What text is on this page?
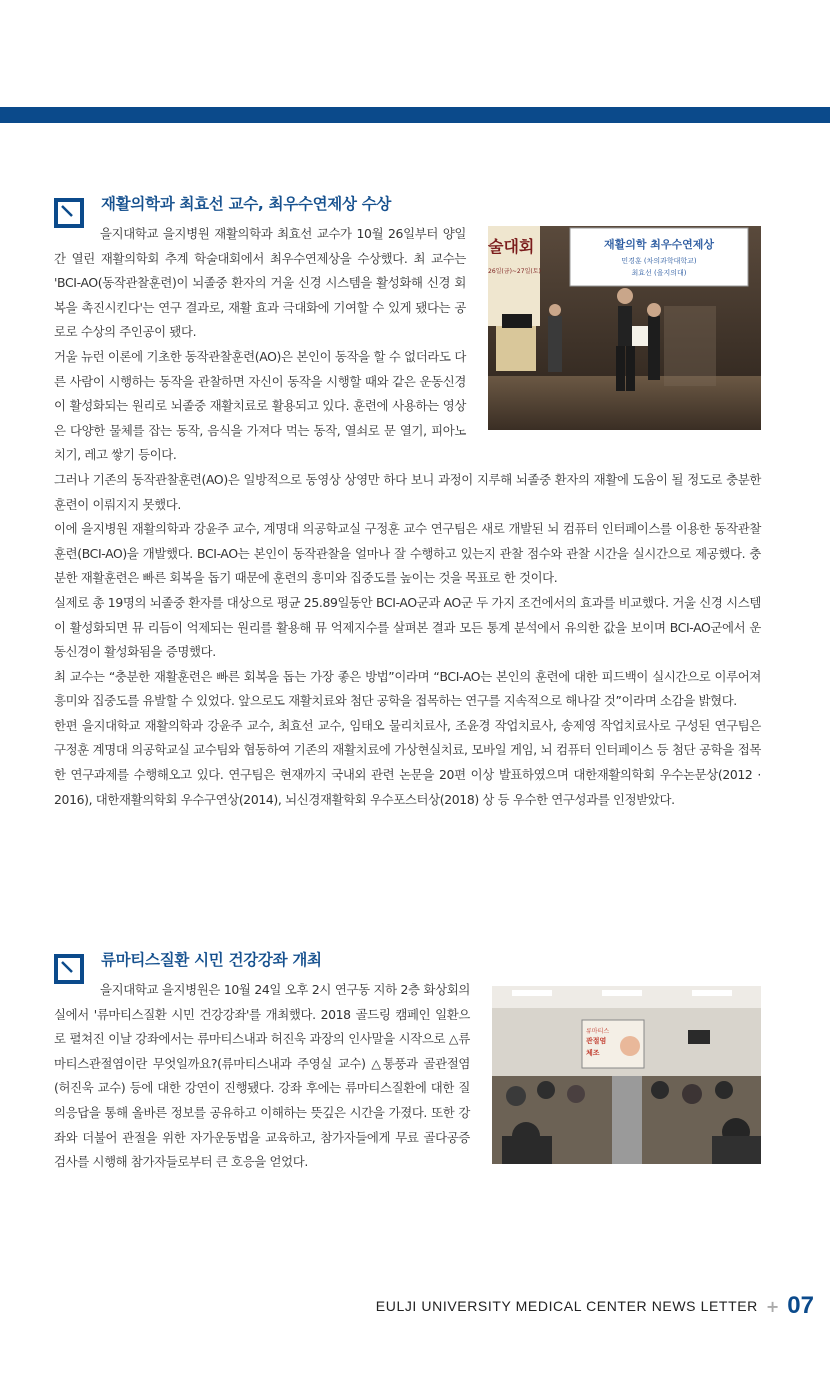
재활의학과 최효선 교수, 최우수연제상 수상
재활의학 최우수연제상
민경훈 (차의과학대학교)
최효선 (을지의대)
술대회
26일(금)~27일(토)

을지대학교 을지병원 재활의학과 최효선 교수가 10월 26일부터 양일간 열린 재활의학회 추계 학술대회에서 최우수연제상을 수상했다. 최 교수는 'BCI-AO(동작관찰훈련)이 뇌졸중 환자의 거울 신경 시스템을 활성화해 신경 회복을 촉진시킨다'는 연구 결과로, 재활 효과 극대화에 기여할 수 있게 됐다는 공로로 수상의 주인공이 됐다.

거울 뉴런 이론에 기초한 동작관찰훈련(AO)은 본인이 동작을 할 수 없더라도 다른 사람이 시행하는 동작을 관찰하면 자신이 동작을 시행할 때와 같은 운동신경이 활성화되는 원리로 뇌졸중 재활치료로 활용되고 있다. 훈련에 사용하는 영상은 다양한 물체를 잡는 동작, 음식을 가져다 먹는 동작, 열쇠로 문 열기, 피아노 치기, 레고 쌓기 등이다.

그러나 기존의 동작관찰훈련(AO)은 일방적으로 동영상 상영만 하다 보니 과정이 지루해 뇌졸중 환자의 재활에 도움이 될 정도로 충분한 훈련이 이뤄지지 못했다.

이에 을지병원 재활의학과 강윤주 교수, 계명대 의공학교실 구정훈 교수 연구팀은 새로 개발된 뇌 컴퓨터 인터페이스를 이용한 동작관찰훈련(BCI-AO)을 개발했다. BCI-AO는 본인이 동작관찰을 얼마나 잘 수행하고 있는지 관찰 점수와 관찰 시간을 실시간으로 제공했다. 충분한 재활훈련은 빠른 회복을 돕기 때문에 훈련의 흥미와 집중도를 높이는 것을 목표로 한 것이다.

실제로 총 19명의 뇌졸중 환자를 대상으로 평균 25.89일동안 BCI-AO군과 AO군 두 가지 조건에서의 효과를 비교했다. 거울 신경 시스템이 활성화되면 뮤 리듬이 억제되는 원리를 활용해 뮤 억제지수를 살펴본 결과 모든 통계 분석에서 유의한 값을 보이며 BCI-AO군에서 운동신경이 활성화됨을 증명했다.

최 교수는 “충분한 재활훈련은 빠른 회복을 돕는 가장 좋은 방법”이라며 “BCI-AO는 본인의 훈련에 대한 피드백이 실시간으로 이루어져 흥미와 집중도를 유발할 수 있었다. 앞으로도 재활치료와 첨단 공학을 접목하는 연구를 지속적으로 해나갈 것”이라며 소감을 밝혔다.

한편 을지대학교 재활의학과 강윤주 교수, 최효선 교수, 임태오 물리치료사, 조윤경 작업치료사, 송제영 작업치료사로 구성된 연구팀은 구정훈 계명대 의공학교실 교수팀와 협동하여 기존의 재활치료에 가상현실치료, 모바일 게임, 뇌 컴퓨터 인터페이스 등 첨단 공학을 접목한 연구과제를 수행해오고 있다. 연구팀은 현재까지 국내외 관련 논문을 20편 이상 발표하였으며 대한재활의학회 우수논문상(2012 · 2016), 대한재활의학회 우수구연상(2014), 뇌신경재활학회 우수포스터상(2018) 상 등 우수한 연구성과를 인정받았다.

류마티스질환 시민 건강강좌 개최
류마티스
관절염
체조

을지대학교 을지병원은 10월 24일 오후 2시 연구동 지하 2층 화상회의실에서 '류마티스질환 시민 건강강좌'를 개최했다. 2018 골드링 캠페인 일환으로 펼쳐진 이날 강좌에서는 류마티스내과 허진욱 과장의 인사말을 시작으로 △류마티스관절염이란 무엇일까요?(류마티스내과 주영실 교수) △통풍과 골관절염(허진욱 교수) 등에 대한 강연이 진행됐다. 강좌 후에는 류마티스질환에 대한 질의응답을 통해 올바른 정보를 공유하고 이해하는 뜻깊은 시간을 가졌다. 또한 강좌와 더불어 관절을 위한 자가운동법을 교육하고, 참가자들에게 무료 골다공증 검사를 시행해 참가자들로부터 큰 호응을 얻었다.

EULJI UNIVERSITY MEDICAL CENTER NEWS LETTER + 07
